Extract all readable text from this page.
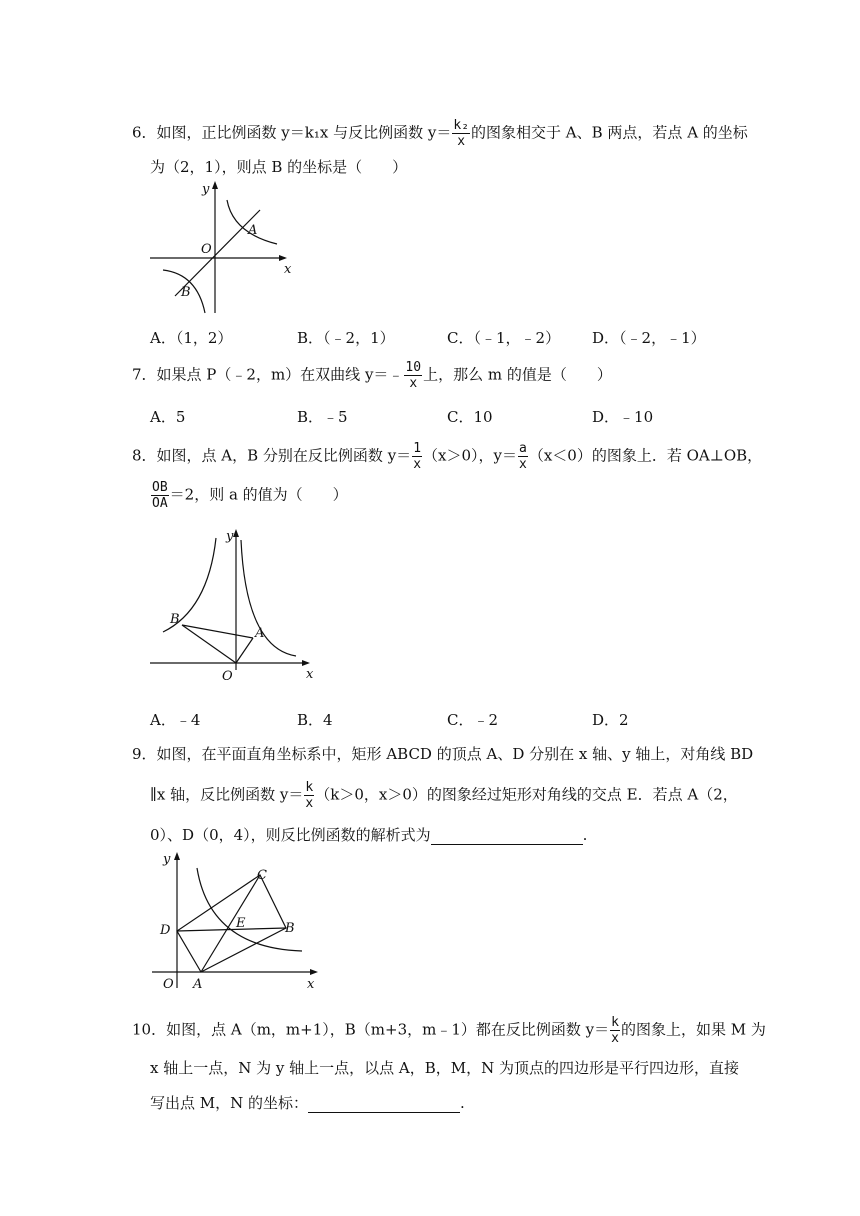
6．如图，正比例函数 y＝k₁x 与反比例函数 $y= \frac{\text{k₂}}{x}$ 的图象相交于 A、B 两点，若点 A 的坐标
为（2，1），则点 B 的坐标是（　　）
y
x
O
A
B
A．（1，2）	B．（﹣2，1）	C．（﹣1，﹣2） D．（﹣2，﹣1）
7．如果点 P（﹣2，m）在双曲线 y＝﹣ $\frac{10}{x}$ 上，那么 m 的值是（　　）
A．5	B．﹣5	C．10	D．﹣10
8．如图，点 A，B 分别在反比例函数 $y= \frac{1}{x} (x>0)$，$y= \frac{a}{x} (x<0)$的图象上．若 OA⊥OB，
$\frac{OB}{OA} =2$，则 a 的值为（　　）
y
x
O
A
B
A．﹣4	B．4	C．﹣2	D．2
9．如图，在平面直角坐标系中，矩形 ABCD 的顶点 A、D 分别在 x 轴、y 轴上，对角线 BD
∥x 轴，反比例函数 $y= \frac{k}{x} (k>0$，x＞0）的图象经过矩形对角线的交点 E．若点 A（2，
0）、D（0，4），则反比例函数的解析式为	.
y
x
O A
B
C
D	E
10．如图，点 A（m，m+1），B（m+3，m﹣1）都在反比例函数 $y= \frac{k}{x}$ 的图象上，如果 M 为
x 轴上一点，N 为 y 轴上一点，以点 A，B，M，N 为顶点的四边形是平行四边形，直接
写出点 M，N 的坐标：	.
